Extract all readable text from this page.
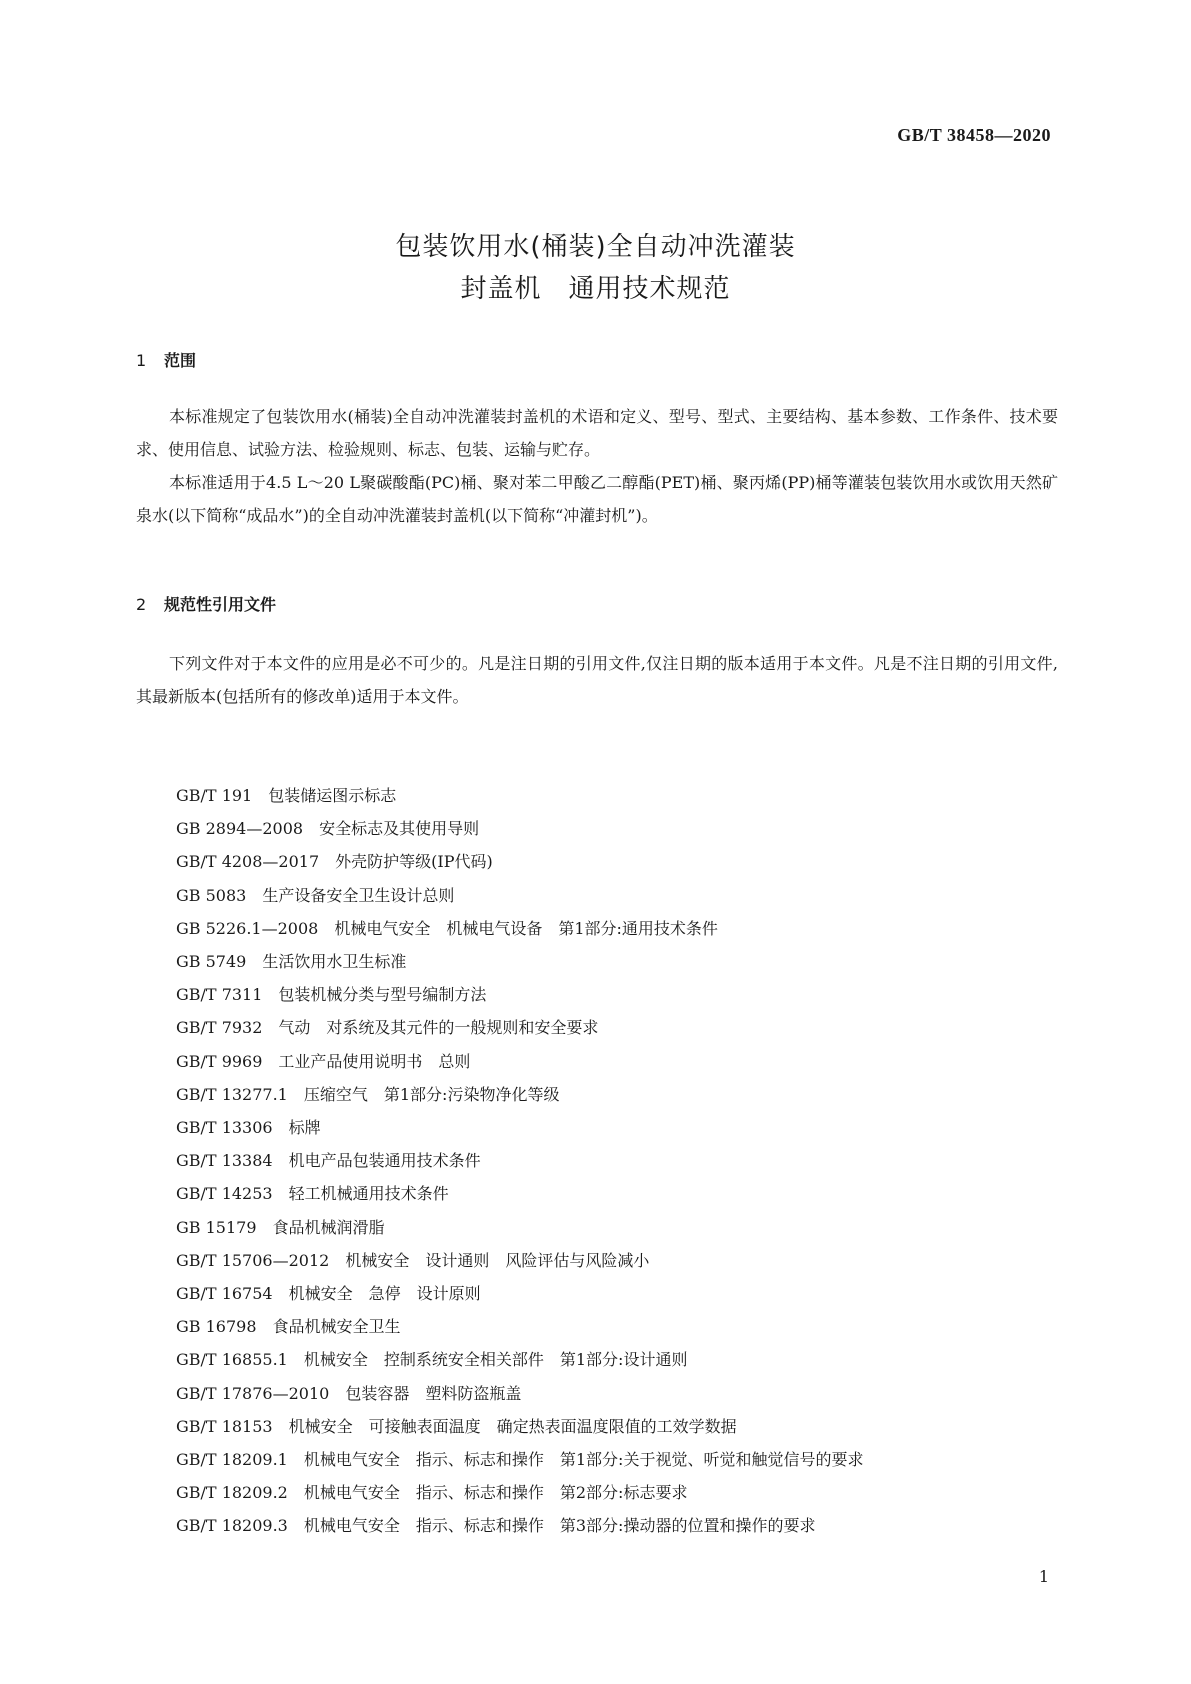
GB/T 38458—2020
包装饮用水(桶装)全自动冲洗灌装
封盖机　通用技术规范
1 范围
本标准规定了包装饮用水(桶装)全自动冲洗灌装封盖机的术语和定义、型号、型式、主要结构、基本参数、工作条件、技术要求、使用信息、试验方法、检验规则、标志、包装、运输与贮存。
本标准适用于4.5 L～20 L聚碳酸酯(PC)桶、聚对苯二甲酸乙二醇酯(PET)桶、聚丙烯(PP)桶等灌装包装饮用水或饮用天然矿泉水(以下简称“成品水”)的全自动冲洗灌装封盖机(以下简称“冲灌封机”)。
2 规范性引用文件
下列文件对于本文件的应用是必不可少的。凡是注日期的引用文件,仅注日期的版本适用于本文件。凡是不注日期的引用文件,其最新版本(包括所有的修改单)适用于本文件。
GB/T 191　 包装储运图示标志
GB 2894—2008　 安全标志及其使用导则
GB/T 4208—2017　 外壳防护等级(IP代码)
GB 5083　 生产设备安全卫生设计总则
GB 5226.1—2008　 机械电气安全　机械电气设备　第1部分:通用技术条件
GB 5749　 生活饮用水卫生标准
GB/T 7311　 包装机械分类与型号编制方法
GB/T 7932　 气动　对系统及其元件的一般规则和安全要求
GB/T 9969　 工业产品使用说明书　总则
GB/T 13277.1　 压缩空气　第1部分:污染物净化等级
GB/T 13306　 标牌
GB/T 13384　 机电产品包装通用技术条件
GB/T 14253　 轻工机械通用技术条件
GB 15179　 食品机械润滑脂
GB/T 15706—2012　 机械安全　设计通则　风险评估与风险减小
GB/T 16754　 机械安全　急停　设计原则
GB 16798　 食品机械安全卫生
GB/T 16855.1　 机械安全　控制系统安全相关部件　第1部分:设计通则
GB/T 17876—2010　 包装容器　塑料防盗瓶盖
GB/T 18153　 机械安全　可接触表面温度　确定热表面温度限值的工效学数据
GB/T 18209.1　 机械电气安全　指示、标志和操作　第1部分:关于视觉、听觉和触觉信号的要求
GB/T 18209.2　 机械电气安全　指示、标志和操作　第2部分:标志要求
GB/T 18209.3　 机械电气安全　指示、标志和操作　第3部分:操动器的位置和操作的要求
1
